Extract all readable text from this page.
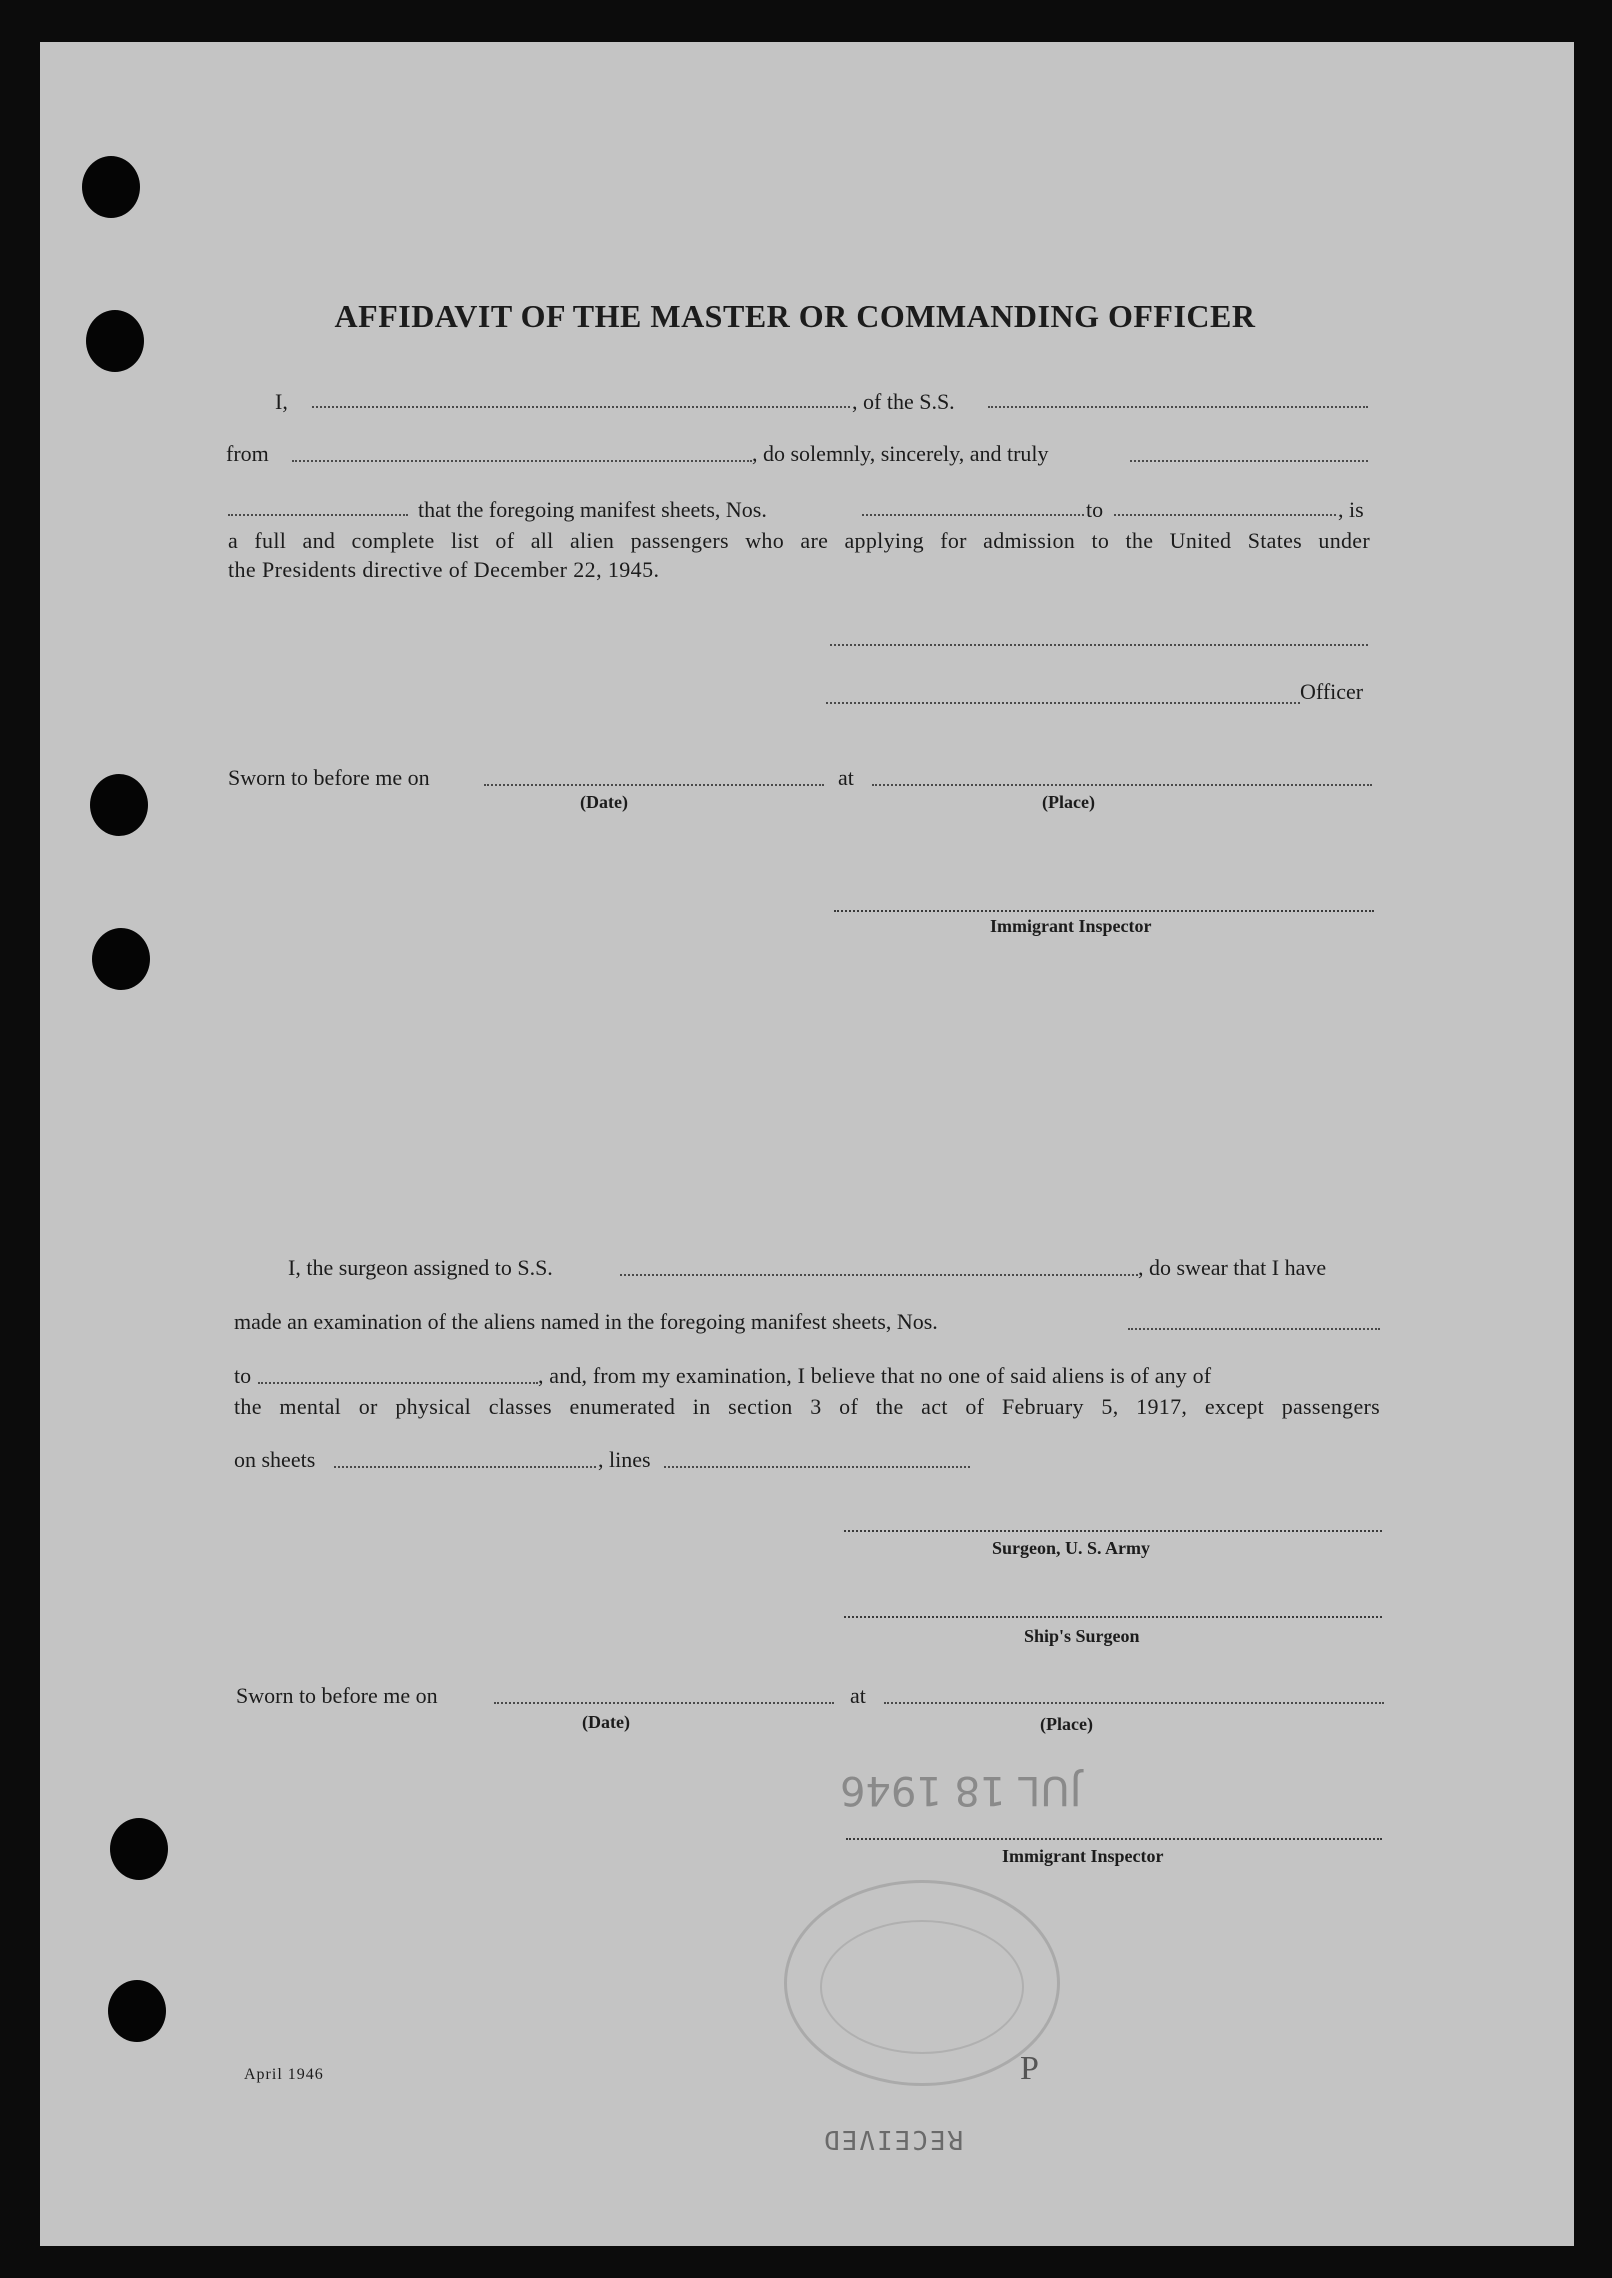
AFFIDAVIT OF THE MASTER OR COMMANDING OFFICER
I,	, of the S.S.
from	, do solemnly, sincerely, and truly
that the foregoing manifest sheets, Nos.	to	, is
a full and complete list of all alien passengers who are applying for admission to the United States under
the Presidents directive of December 22, 1945.
Officer
Sworn to before me on	at
(Date)	(Place)
Immigrant Inspector
I, the surgeon assigned to S.S.	, do swear that I have
made an examination of the aliens named in the foregoing manifest sheets, Nos.
to	, and, from my examination, I believe that no one of said aliens is of any of
the mental or physical classes enumerated in section 3 of the act of February 5, 1917, except passengers
on sheets	, lines
Surgeon, U. S. Army
Ship's Surgeon
Sworn to before me on	at
(Date)	(Place)
Immigrant Inspector
JUL 18 1946
P
RECEIVED
April 1946
